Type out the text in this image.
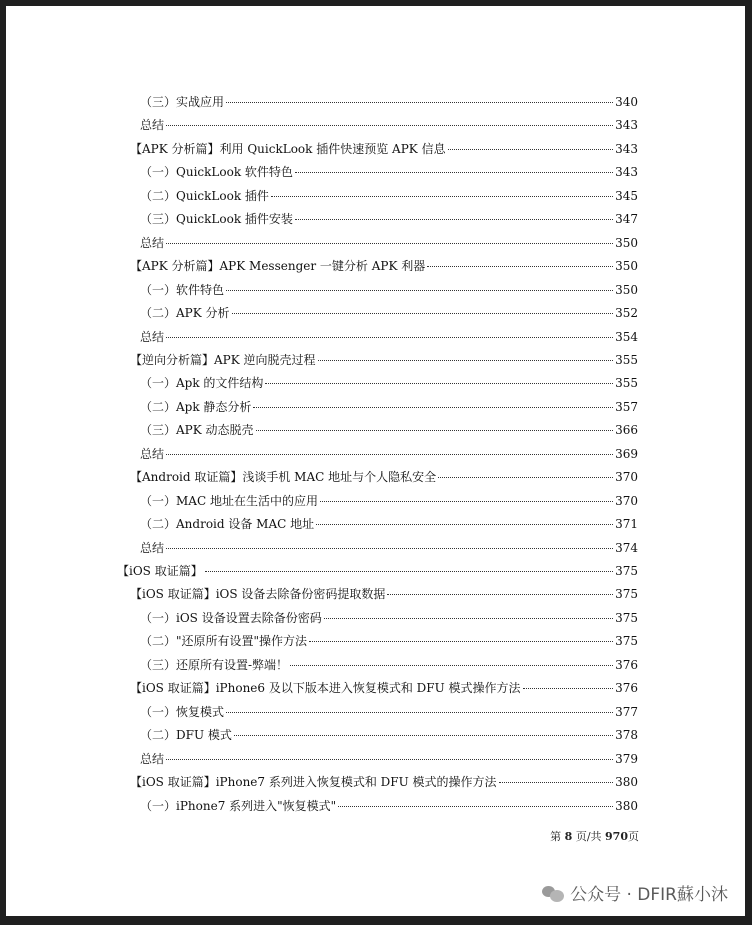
（三）实战应用	340
总结	343
【APK 分析篇】利用 QuickLook 插件快速预览 APK 信息	343
（一）QuickLook 软件特色	343
（二）QuickLook 插件	345
（三）QuickLook 插件安装	347
总结	350
【APK 分析篇】APK Messenger 一键分析 APK 利器	350
（一）软件特色	350
（二）APK 分析	352
总结	354
【逆向分析篇】APK 逆向脱壳过程	355
（一）Apk 的文件结构	355
（二）Apk 静态分析	357
（三）APK 动态脱壳	366
总结	369
【Android 取证篇】浅谈手机 MAC 地址与个人隐私安全	370
（一）MAC 地址在生活中的应用	370
（二）Android 设备 MAC 地址	371
总结	374
【iOS 取证篇】	375
【iOS 取证篇】iOS 设备去除备份密码提取数据	375
（一）iOS 设备设置去除备份密码	375
（二）"还原所有设置"操作方法	375
（三）还原所有设置-弊端！	376
【iOS 取证篇】iPhone6 及以下版本进入恢复模式和 DFU 模式操作方法	376
（一）恢复模式	377
（二）DFU 模式	378
总结	379
【iOS 取证篇】iPhone7 系列进入恢复模式和 DFU 模式的操作方法	380
（一）iPhone7 系列进入"恢复模式"	380
第 8 页/共 970页
公众号 · DFIR蘇小沐
